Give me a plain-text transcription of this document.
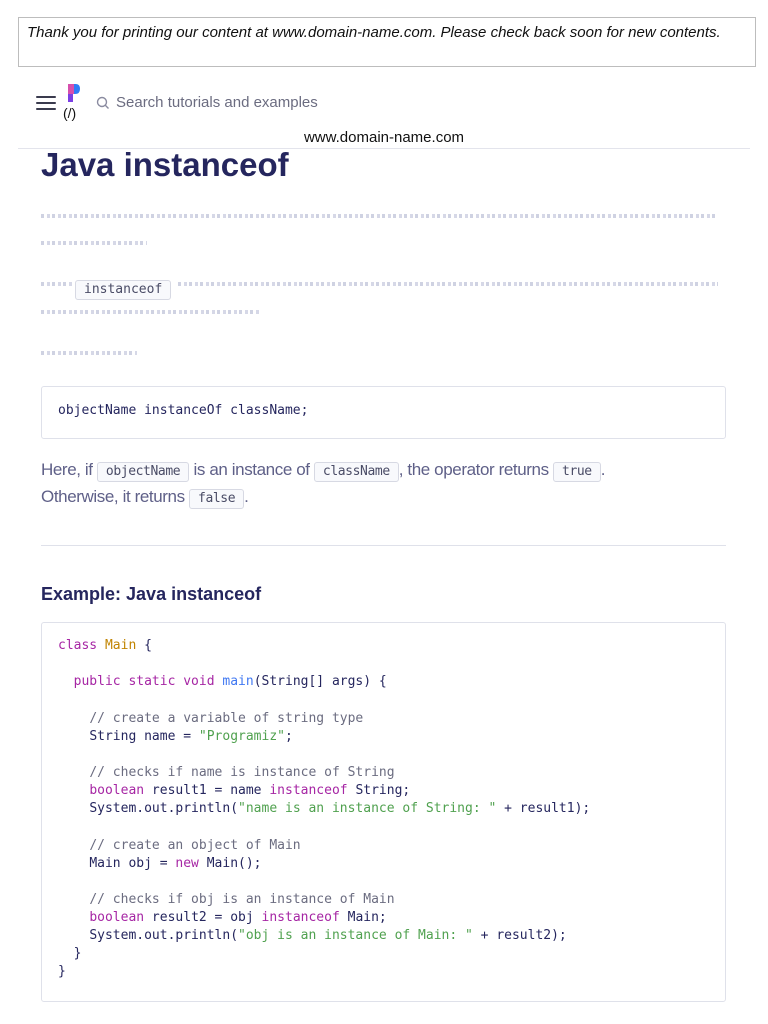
Thank you for printing our content at www.domain-name.com. Please check back soon for new contents.
(/)
Search tutorials and examples
www.domain-name.com
Java instanceof
instanceof
objectName instanceOf className;
Here, if objectName is an instance of className , the operator returns true .
Otherwise, it returns false .
Example: Java instanceof
class Main {
public static void main(String[] args) {
// create a variable of string type
String name = "Programiz";
// checks if name is instance of String
boolean result1 = name instanceof String;
System.out.println("name is an instance of String: " + result1);
// create an object of Main
Main obj = new Main();
// checks if obj is an instance of Main
boolean result2 = obj instanceof Main;
System.out.println("obj is an instance of Main: " + result2);
}
}
